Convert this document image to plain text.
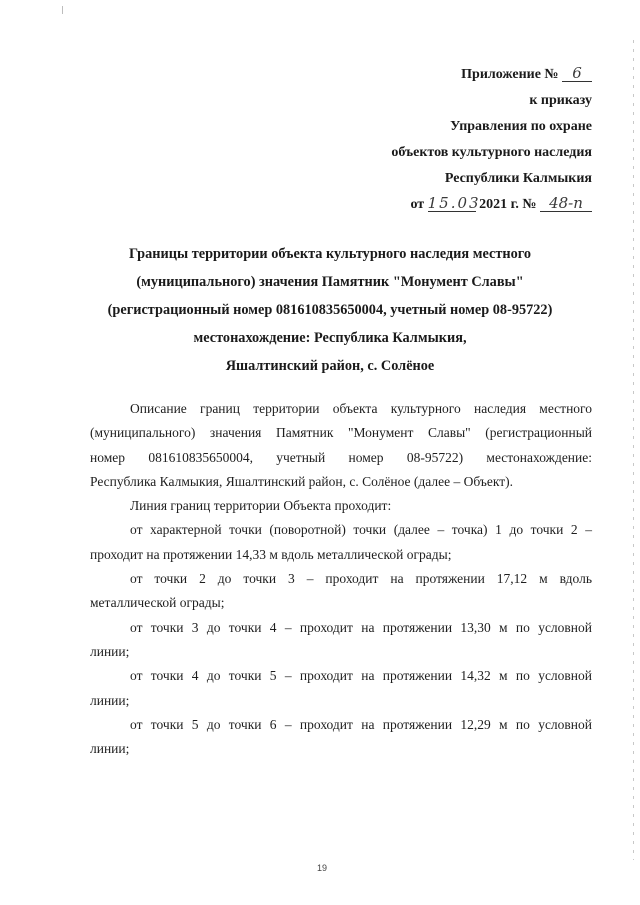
Приложение № 6
к приказу
Управления по охране
объектов культурного наследия
Республики Калмыкия
от 15.03 2021 г. № 48-п
Границы территории объекта культурного наследия местного
(муниципального) значения Памятник "Монумент Славы"
(регистрационный номер 081610835650004, учетный номер 08-95722)
местонахождение: Республика Калмыкия,
Яшалтинский район, с. Солёное
Описание границ территории объекта культурного наследия местного
(муниципального) значения Памятник "Монумент Славы" (регистрационный
номер 081610835650004, учетный номер 08-95722) местонахождение:
Республика Калмыкия, Яшалтинский район, с. Солёное (далее – Объект).
Линия границ территории Объекта проходит:
от характерной точки (поворотной) точки (далее – точка) 1 до точки 2 –
проходит на протяжении 14,33 м вдоль металлической ограды;
от точки 2 до точки 3 – проходит на протяжении 17,12 м вдоль
металлической ограды;
от точки 3 до точки 4 – проходит на протяжении 13,30 м по условной
линии;
от точки 4 до точки 5 – проходит на протяжении 14,32 м по условной
линии;
от точки 5 до точки 6 – проходит на протяжении 12,29 м по условной
линии;
19
